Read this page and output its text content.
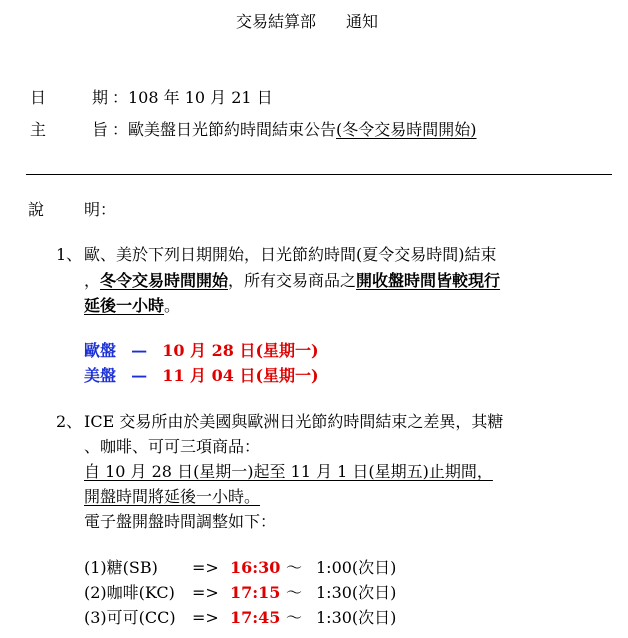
交易結算部 通知
日	期 ： 108 年 10 月 21 日
主	旨 ： 歐美盤日光節約時間結束公告(冬令交易時間開始)
說 明：
1、 歐、美於下列日期開始，日光節約時間(夏令交易時間)結束
，冬令交易時間開始，所有交易商品之開收盤時間皆較現行
延後一小時。
歐盤 — 10 月 28 日(星期一)
美盤 — 11 月 04 日(星期一)
2、 ICE 交易所由於美國與歐洲日光節約時間結束之差異，其糖
、咖啡、可可三項商品：
自 10 月 28 日(星期一)起至 11 月 1 日(星期五)止期間，
開盤時間將延後一小時。
電子盤開盤時間調整如下：
(1)糖(SB) => 16:30 ～ 1:00(次日)
(2)咖啡(KC) => 17:15 ～ 1:30(次日)
(3)可可(CC) => 17:45 ～ 1:30(次日)
